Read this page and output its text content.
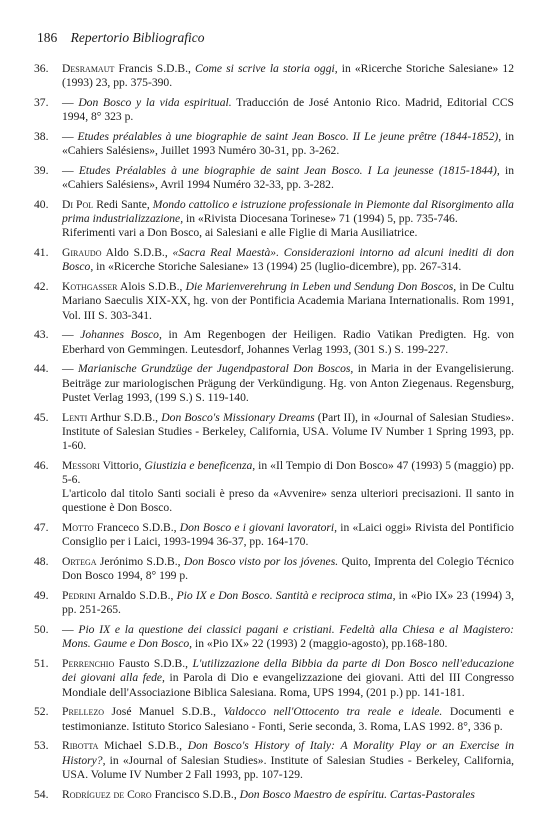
186 Repertorio Bibliografico
36.	Desramaut Francis S.D.B., Come si scrive la storia oggi, in «Ricerche Storiche Salesiane» 12 (1993) 23, pp. 375-390.
37.	— Don Bosco y la vida espiritual. Traducción de José Antonio Rico. Madrid, Editorial CCS 1994, 8° 323 p.
38.	— Etudes préalables à une biographie de saint Jean Bosco. II Le jeune prêtre (1844-1852), in «Cahiers Salésiens», Juillet 1993 Numéro 30-31, pp. 3-262.
39.	— Etudes Préalables à une biographie de saint Jean Bosco. I La jeunesse (1815-1844), in «Cahiers Salésiens», Avril 1994 Numéro 32-33, pp. 3-282.
40.	Di Pol Redi Sante, Mondo cattolico e istruzione professionale in Piemonte dal Risorgimento alla prima industrializzazione, in «Rivista Diocesana Torinese» 71 (1994) 5, pp. 735-746.
Riferimenti vari a Don Bosco, ai Salesiani e alle Figlie di Maria Ausiliatrice.
41.	Giraudo Aldo S.D.B., «Sacra Real Maestà». Considerazioni intorno ad alcuni inediti di don Bosco, in «Ricerche Storiche Salesiane» 13 (1994) 25 (luglio-dicembre), pp. 267-314.
42.	Kothgasser Alois S.D.B., Die Marienverehrung in Leben und Sendung Don Boscos, in De Cultu Mariano Saeculis XIX-XX, hg. von der Pontificia Academia Mariana Internationalis. Rom 1991, Vol. III S. 303-341.
43.	— Johannes Bosco, in Am Regenbogen der Heiligen. Radio Vatikan Predigten. Hg. von Eberhard von Gemmingen. Leutesdorf, Johannes Verlag 1993, (301 S.) S. 199-227.
44.	— Marianische Grundzüge der Jugendpastoral Don Boscos, in Maria in der Evangelisierung. Beiträge zur mariologischen Prägung der Verkündigung. Hg. von Anton Ziegenaus. Regensburg, Pustet Verlag 1993, (199 S.) S. 119-140.
45.	Lenti Arthur S.D.B., Don Bosco's Missionary Dreams (Part II), in «Journal of Salesian Studies». Institute of Salesian Studies - Berkeley, California, USA. Volume IV Number 1 Spring 1993, pp. 1-60.
46.	Messori Vittorio, Giustizia e beneficenza, in «Il Tempio di Don Bosco» 47 (1993) 5 (maggio) pp. 5-6.
L'articolo dal titolo Santi sociali è preso da «Avvenire» senza ulteriori precisazioni. Il santo in questione è Don Bosco.
47.	Motto Franceco S.D.B., Don Bosco e i giovani lavoratori, in «Laici oggi» Rivista del Pontificio Consiglio per i Laici, 1993-1994 36-37, pp. 164-170.
48.	Ortega Jerónimo S.D.B., Don Bosco visto por los jóvenes. Quito, Imprenta del Colegio Técnico Don Bosco 1994, 8° 199 p.
49.	Pedrini Arnaldo S.D.B., Pio IX e Don Bosco. Santità e reciproca stima, in «Pio IX» 23 (1994) 3, pp. 251-265.
50.	— Pio IX e la questione dei classici pagani e cristiani. Fedeltà alla Chiesa e al Magistero: Mons. Gaume e Don Bosco, in «Pio IX» 22 (1993) 2 (maggio-agosto), pp.168-180.
51.	Perrenchio Fausto S.D.B., L'utilizzazione della Bibbia da parte di Don Bosco nell'educazione dei giovani alla fede, in Parola di Dio e evangelizzazione dei giovani. Atti del III Congresso Mondiale dell'Associazione Biblica Salesiana. Roma, UPS 1994, (201 p.) pp. 141-181.
52.	Prellezo José Manuel S.D.B., Valdocco nell'Ottocento tra reale e ideale. Documenti e testimonianze. Istituto Storico Salesiano - Fonti, Serie seconda, 3. Roma, LAS 1992. 8°, 336 p.
53.	Ribotta Michael S.D.B., Don Bosco's History of Italy: A Morality Play or an Exercise in History?, in «Journal of Salesian Studies». Institute of Salesian Studies - Berkeley, California, USA. Volume IV Number 2 Fall 1993, pp. 107-129.
54.	Rodríguez de Coro Francisco S.D.B., Don Bosco Maestro de espíritu. Cartas-Pastorales
